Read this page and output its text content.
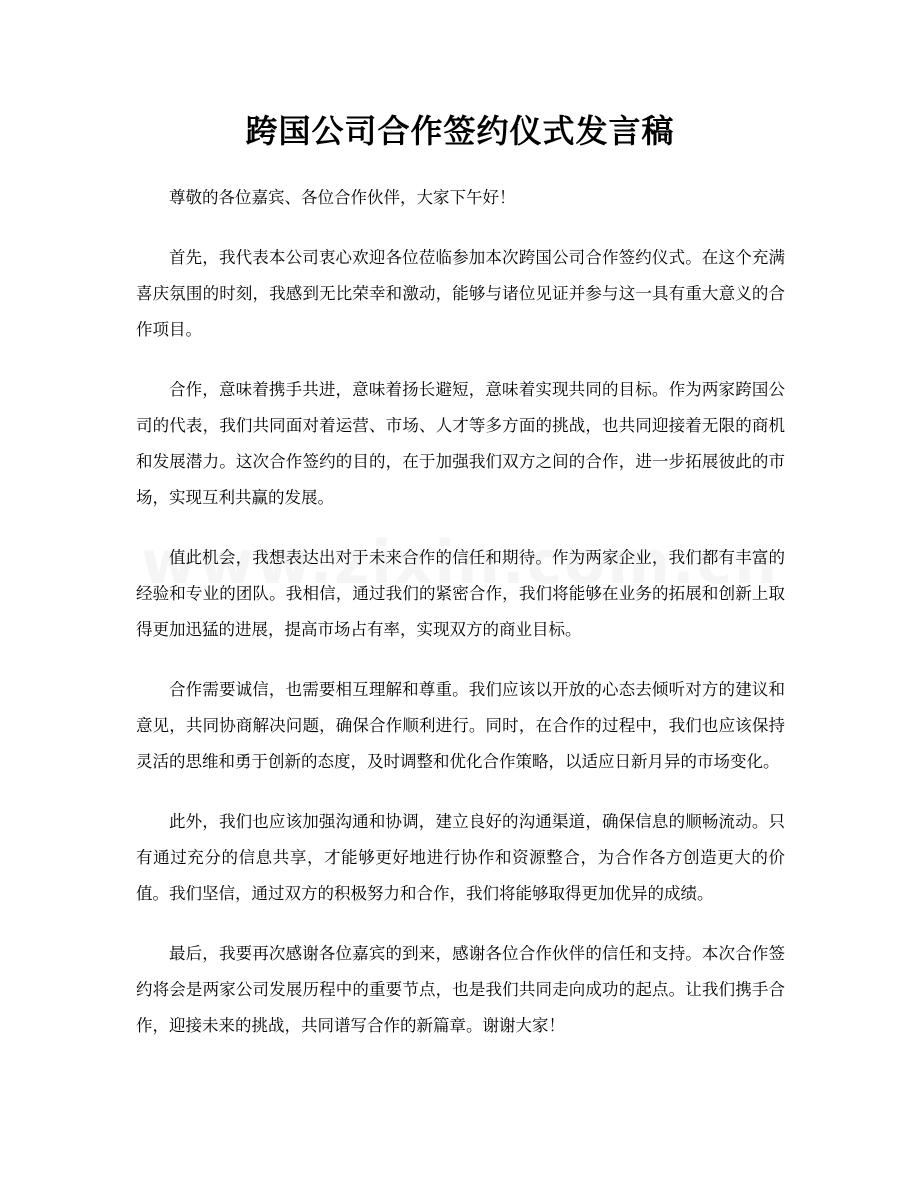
跨国公司合作签约仪式发言稿

尊敬的各位嘉宾、各位合作伙伴，大家下午好！

首先，我代表本公司衷心欢迎各位莅临参加本次跨国公司合作签约仪式。在这个充满喜庆氛围的时刻，我感到无比荣幸和激动，能够与诸位见证并参与这一具有重大意义的合作项目。

合作，意味着携手共进，意味着扬长避短，意味着实现共同的目标。作为两家跨国公司的代表，我们共同面对着运营、市场、人才等多方面的挑战，也共同迎接着无限的商机和发展潜力。这次合作签约的目的，在于加强我们双方之间的合作，进一步拓展彼此的市场，实现互利共赢的发展。

值此机会，我想表达出对于未来合作的信任和期待。作为两家企业，我们都有丰富的经验和专业的团队。我相信，通过我们的紧密合作，我们将能够在业务的拓展和创新上取得更加迅猛的进展，提高市场占有率，实现双方的商业目标。

合作需要诚信，也需要相互理解和尊重。我们应该以开放的心态去倾听对方的建议和意见，共同协商解决问题，确保合作顺利进行。同时，在合作的过程中，我们也应该保持灵活的思维和勇于创新的态度，及时调整和优化合作策略，以适应日新月异的市场变化。

此外，我们也应该加强沟通和协调，建立良好的沟通渠道，确保信息的顺畅流动。只有通过充分的信息共享，才能够更好地进行协作和资源整合，为合作各方创造更大的价值。我们坚信，通过双方的积极努力和合作，我们将能够取得更加优异的成绩。

最后，我要再次感谢各位嘉宾的到来，感谢各位合作伙伴的信任和支持。本次合作签约将会是两家公司发展历程中的重要节点，也是我们共同走向成功的起点。让我们携手合作，迎接未来的挑战，共同谱写合作的新篇章。谢谢大家！
